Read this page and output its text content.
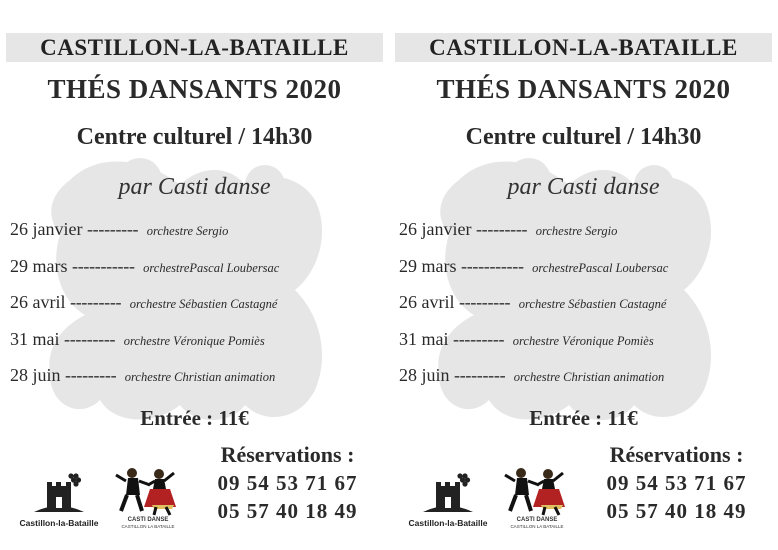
CASTILLON-LA-BATAILLE
THÉS DANSANTS 2020
Centre culturel / 14h30
par Casti danse
26 janvier --------- orchestre Sergio
29 mars ----------- orchestrePascal Loubersac
26 avril --------- orchestre Sébastien Castagné
31 mai --------- orchestre Véronique Pomiès
28 juin --------- orchestre Christian animation
Entrée : 11€
Castillon-la-Bataille	CASTI DANSE
CASTILLON LA BATAILLE
Réservations :
09 54 53 71 67
05 57 40 18 49
CASTILLON-LA-BATAILLE
THÉS DANSANTS 2020
Centre culturel / 14h30
par Casti danse
26 janvier --------- orchestre Sergio
29 mars ----------- orchestrePascal Loubersac
26 avril --------- orchestre Sébastien Castagné
31 mai --------- orchestre Véronique Pomiès
28 juin --------- orchestre Christian animation
Entrée : 11€
Castillon-la-Bataille	CASTI DANSE
CASTILLON LA BATAILLE
Réservations :
09 54 53 71 67
05 57 40 18 49
